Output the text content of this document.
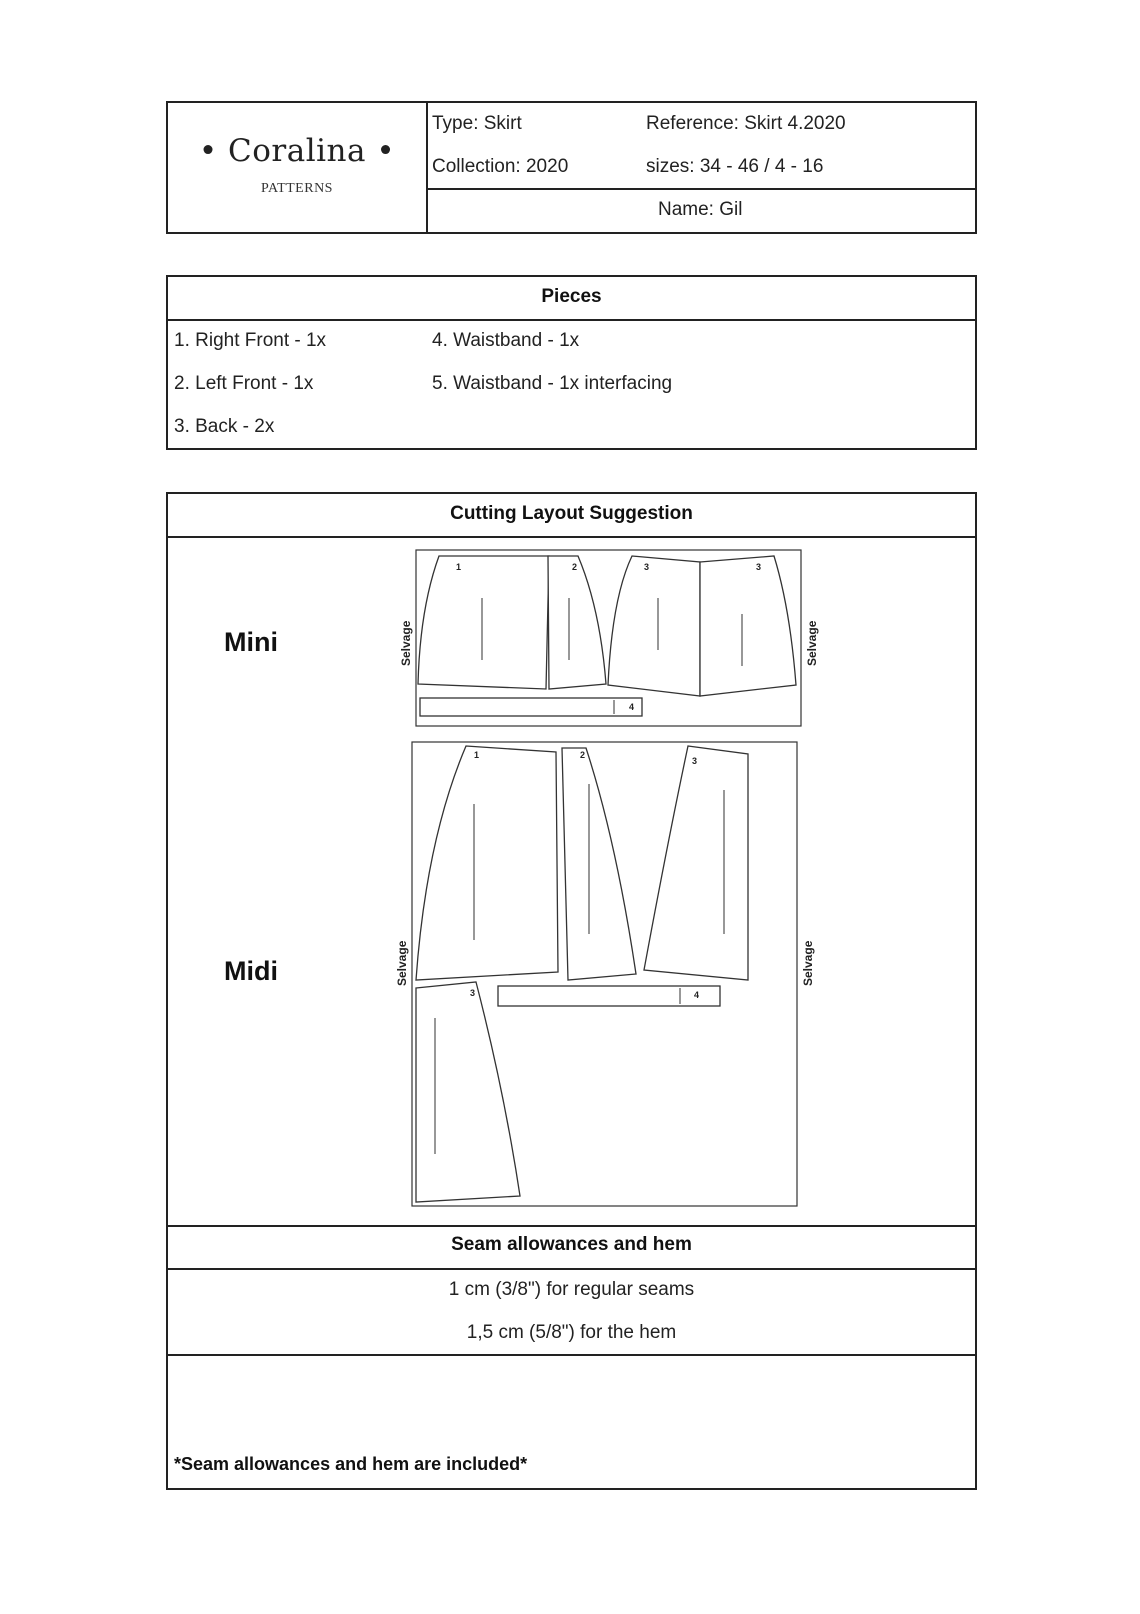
• Coralina •
PATTERNS
Type: Skirt	Reference: Skirt 4.2020
Collection: 2020	sizes: 34 - 46 / 4 - 16
Name: Gil
Pieces
1. Right Front - 1x
2. Left Front - 1x
3. Back - 2x
4. Waistband - 1x
5. Waistband - 1x interfacing
Cutting Layout Suggestion
Mini
Midi
1	2	3	3
4
Selvage	Selvage
1	2
3
3	4
Selvage	Selvage
Seam allowances and hem
1 cm (3/8") for regular seams
1,5 cm (5/8") for the hem
*Seam allowances and hem are included*
